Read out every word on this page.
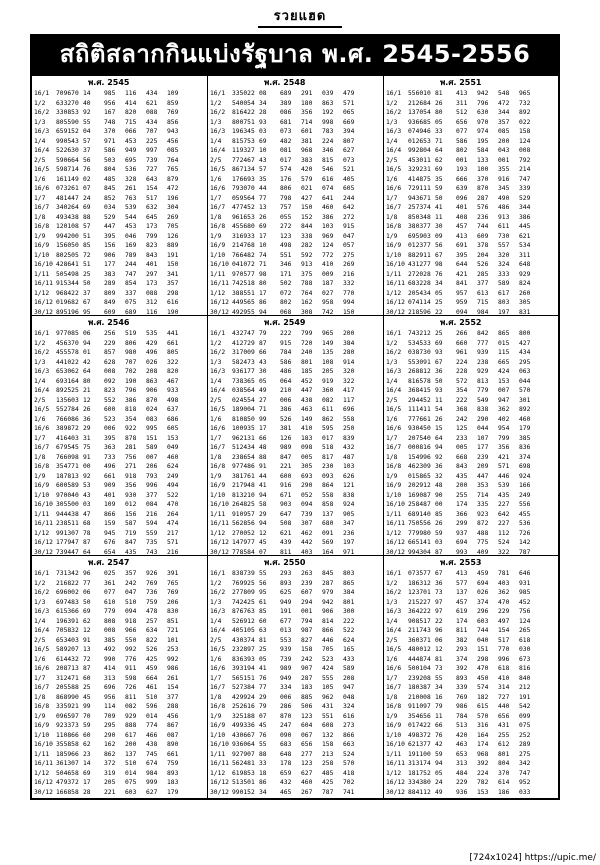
รวยแฮด
สถิติสลากกินแบ่งรัฐบาล พ.ศ. 2545-2556
พ.ศ. 2545
16/1	709670 14	985	116	434	109
1/2	633270 40	956	414	621	859
16/2	330853 92	167	820	088	769
1/3	805590 55	748	715	434	856
16/3	659152 04	370	066	707	943
1/4	990543 57	971	453	225	456
16/4	522630 37	586	949	997	085
2/5	590664 56	503	695	739	764
16/5	598714 76	804	536	727	765
1/6	161149 02	485	328	643	879
16/6	073261 07	845	261	154	472
1/7	481447 24	852	763	517	196
16/7	340264 69	034	539	632	304
1/8	493438 88	529	544	645	269
16/8	120108 57	447	453	173	705
1/9	994200 51	395	046	799	126
16/9	156050 85	156	169	823	889
1/10	802505 72	906	789	843	191
16/10 428641 51	177	244	401	150
1/11	505498 25	383	747	297	341
16/11 915344 50	289	854	173	357
1/12	968422 37	809	337	088	298
16/12 019682 67	849	075	312	616
30/12 895196 95	609	689	116	190
พ.ศ. 2548
16/1	335022 08	689	291	039	479
1/2	540054 34	389	180	863	571
16/2	816422 28	086	356	192	065
1/3	800751 93	681	714	998	669
16/3	196345 03	073	601	783	394
1/4	815753 69	482	381	224	807
16/4	119327 10	081	968	346	627
2/5	772467 43	017	383	815	073
16/5	867134 57	574	420	546	521
1/6	176693 35	176	579	616	405
16/6	793070 44	806	021	074	605
1/7	059564 77	798	427	641	244
16/7	477452 13	757	150	460	642
1/8	961653 26	055	152	386	272
16/8	455680 69	272	844	103	915
1/9	316933 17	123	338	969	047
16/9	214768 10	498	282	124	057
1/10	766482 74	551	592	772	275
16/10 041072 71	346	913	410	269
1/11	970577 98	171	375	009	216
16/11 742518 80	502	788	187	332
1/12	388551 17	072	764	027	770
16/12 449565 86	802	162	958	994
30/12 492955 94	068	308	742	150
พ.ศ. 2551
16/1	556010 81	413	942	548	965
1/2	212684 26	311	796	472	732
16/2	137054 80	512	630	344	892
1/3	936685 05	656	970	357	022
16/3	074946 33	077	974	085	158
1/4	012653 71	586	195	200	124
16/4	992804 64	802	584	043	008
2/5	453011 62	001	133	001	792
16/5	329231 69	193	100	355	214
1/6	414875 35	666	370	916	747
16/6	729111 59	639	870	345	339
1/7	943671 50	096	287	490	529
16/7	257374 41	401	576	486	344
1/8	850348 11	408	236	913	386
16/8	380377 30	457	744	611	445
1/9	695903 09	413	609	730	621
16/9	012377 56	691	378	557	534
1/10	882911 67	395	204	320	311
16/10 431277 98	644	526	324	648
1/11	272028 76	421	285	333	929
16/11 683228 34	841	377	589	824
1/12	205434 05	957	613	617	260
16/12 074114 25	959	715	803	305
30/12 218596 22	094	984	197	831
พ.ศ. 2546
16/1	977085 06	256	519	535	441
1/2	456370 94	229	806	429	661
16/2	455578 01	857	980	496	805
1/3	441022 42	628	707	026	322
16/3	653062 64	008	702	208	820
1/4	693164 80	092	190	863	467
16/4	892525 21	823	796	906	933
2/5	135603 12	552	386	870	498
16/5	552784 26	600	818	024	637
1/6	766086 36	523	354	083	686
16/6	389872 29	006	922	995	605
1/7	416403 31	395	878	151	153
16/7	679545 75	363	281	589	049
1/8	766098 91	733	756	007	460
16/8	354771 00	496	271	206	624
1/9	187813 92	661	918	793	249
16/9	600589 53	909	356	996	494
1/10	970040 43	401	930	377	522
16/10 305500 03	109	012	084	470
1/11	944438 47	866	156	216	264
16/11 238511 68	159	587	594	474
1/12	991307 78	945	719	559	217
16/12 177947 87	676	847	735	571
30/12 739447 64	654	435	743	216
พ.ศ. 2549
16/1	432747 79	222	799	965	200
1/2	412729 87	915	720	149	384
16/2	317009 66	784	240	135	280
1/3	582473 43	586	801	108	914
16/3	936177 30	486	185	205	320
1/4	738365 05	064	452	919	322
16/4	038564 49	210	447	360	417
2/5	024554 27	006	438	082	117
16/5	189004 71	386	463	611	696
1/6	810850 99	526	149	862	558
16/6	100935 17	381	410	595	250
1/7	962131 66	126	183	017	839
16/7	512434 48	989	098	518	432
1/8	238654 88	847	005	817	487
16/8	977486 91	221	305	230	103
1/9	381761 44	600	693	093	626
16/9	217948 41	916	290	864	121
1/10	813210 94	671	052	558	838
16/10 264825 58	903	094	858	924
1/11	910957 29	647	739	137	905
16/11 562856 94	508	307	680	347
1/12	270052 12	621	462	091	236
16/12 147977 45	439	442	569	197
30/12 778584 07	811	403	164	971
พ.ศ. 2552
16/1	743212 25	266	842	865	800
1/2	534533 69	660	777	015	427
16/2	038730 93	961	939	115	434
1/3	553091 67	224	238	665	295
16/3	268812 36	228	929	424	063
1/4	816578 50	572	813	153	044
16/4	368415 93	354	779	007	570
2/5	294452 11	222	549	947	301
16/5	111411 54	368	838	362	892
1/6	777661 26	242	290	402	460
16/6	930450 15	125	044	954	179
1/7	207540 64	233	107	799	385
16/7	000816 94	005	177	356	836
1/8	154996 92	668	239	421	374
16/8	462309 36	843	209	571	698
1/9	015865 32	435	447	446	924
16/9	202912 48	200	353	539	166
1/10	169087 90	255	714	435	249
16/10 258487 00	174	335	227	556
1/11	689140 85	366	923	642	455
16/11 750556 26	299	872	227	536
1/12	779980 59	937	488	112	726
16/12 665141 03	694	775	524	142
30/12 994304 87	993	409	322	787
พ.ศ. 2547
16/1	731342 96	025	357	926	391
1/2	216822 77	361	242	769	765
16/2	696002 06	077	047	736	769
1/3	697483 50	610	510	759	206
16/3	615366 69	779	094	478	830
1/4	196391 62	808	918	257	851
16/4	705832 12	008	966	634	721
2/5	653403 91	385	550	822	101
16/5	589207 13	492	992	526	253
1/6	614432 72	990	776	425	992
16/6	208713 87	414	911	459	986
1/7	312471 60	313	598	664	261
16/7	205588 25	696	726	461	154
1/8	868990 45	956	811	510	377
16/8	335921 99	114	082	596	288
1/9	096597 70	709	929	014	456
16/9	923373 59	295	888	774	867
1/10	110866 60	290	617	466	087
16/10 355858 62	162	200	438	890
1/11	185966 23	862	137	745	661
16/11 361307 14	372	510	674	759
1/12	504658 69	319	014	984	893
16/12 479372 17	205	075	999	183
30/12 166858 28	221	603	627	179
พ.ศ. 2550
16/1	838739 55	293	263	845	803
1/2	769925 56	893	239	287	865
16/2	277809 95	625	607	979	384
1/3	742425 61	949	294	942	801
16/3	876763 85	191	001	906	300
1/4	526912 60	677	794	814	222
16/4	405105 63	013	987	866	522
2/5	430374 81	553	827	446	624
16/5	232897 25	939	158	705	165
1/6	836393 05	739	242	523	433
16/6	393194 41	989	907	424	589
1/7	565151 76	949	287	555	208
16/7	527384 77	334	183	105	947
1/8	429924 29	006	885	962	048
16/8	252616 79	286	506	431	324
1/9	325188 07	870	123	551	616
16/9	499336 45	247	604	608	273
1/10	430667 76	090	067	132	866
16/10 936064 55	683	656	158	663
1/11	927907 88	648	277	213	524
16/11 562481 33	178	123	258	570
1/12	619853 18	659	627	485	418
16/12 513501 86	432	460	425	702
30/12 990152 34	465	267	787	741
พ.ศ. 2553
16/1	073577 67	413	459	781	646
1/2	186312 36	577	694	403	931
16/2	123701 73	137	026	362	985
1/3	215227 97	457	374	470	452
16/3	364222 97	619	296	229	756
1/4	908517 22	174	603	497	124
16/4	211743 96	811	744	154	265
2/5	360371 06	382	040	517	618
16/5	480012 12	293	151	770	030
1/6	444874 81	374	298	996	673
16/6	500104 73	392	470	618	816
1/7	239208 55	893	450	410	840
16/7	180387 34	339	574	314	212
1/8	210008 16	769	182	727	191
16/8	911097 79	986	615	440	542
1/9	354656 11	784	570	656	099
16/9	017422 66	513	316	431	075
1/10	498372 76	420	164	255	252
16/10 621377 42	463	174	612	289
1/11	191100 59	653	968	801	275
16/11 313174 94	313	392	804	342
1/12	181752 05	484	224	370	747
16/12 334380 24	229	782	614	952
30/12 884112 49	936	153	186	033
[724x1024] https://upic.me/
